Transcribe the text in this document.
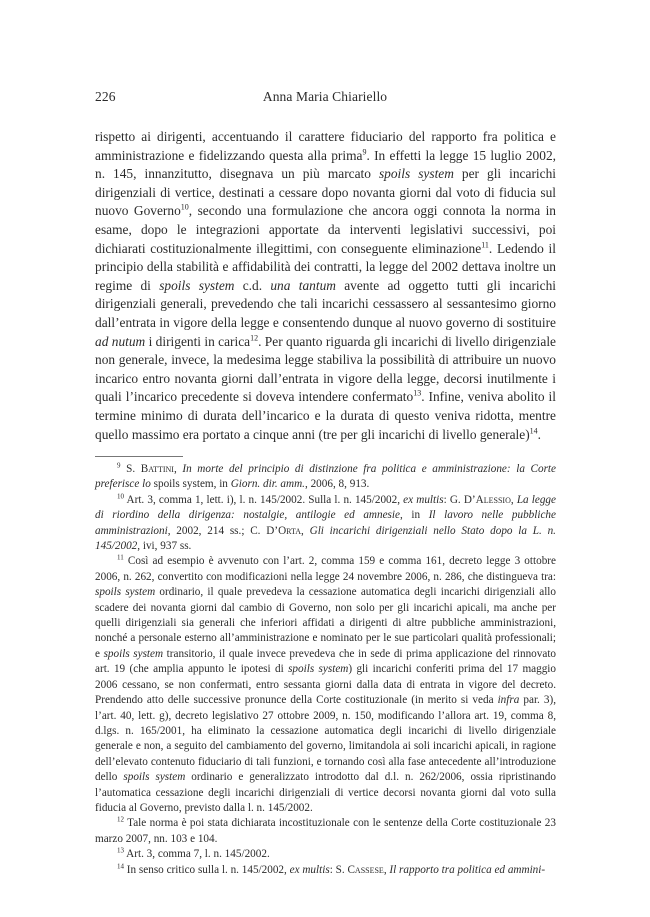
226	Anna Maria Chiariello

rispetto ai dirigenti, accentuando il carattere fiduciario del rapporto fra politica e amministrazione e fidelizzando questa alla prima$^9$. In effetti la legge 15 luglio 2002, n. 145, innanzitutto, disegnava un più marcato spoils system per gli incarichi dirigenziali di vertice, destinati a cessare dopo novanta giorni dal voto di fiducia sul nuovo Governo$^{10}$, secondo una formulazione che ancora oggi connota la norma in esame, dopo le integrazioni apportate da interventi legislativi successivi, poi dichiarati costituzionalmente illegittimi, con conseguente eliminazione$^{11}$. Ledendo il principio della stabilità e affidabilità dei contratti, la legge del 2002 dettava inoltre un regime di spoils system c.d. una tantum avente ad oggetto tutti gli incarichi dirigenziali generali, prevedendo che tali incarichi cessassero al sessantesimo giorno dall’entrata in vigore della legge e consentendo dunque al nuovo governo di sostituire ad nutum i dirigenti in carica$^{12}$. Per quanto riguarda gli incarichi di livello dirigenziale non generale, invece, la medesima legge stabiliva la possibilità di attribuire un nuovo incarico entro novanta giorni dall’entrata in vigore della legge, decorsi inutilmente i quali l’incarico precedente si doveva intendere confermato$^{13}$. Infine, veniva abolito il termine minimo di durata dell’incarico e la durata di questo veniva ridotta, mentre quello massimo era portato a cinque anni (tre per gli incarichi di livello generale)$^{14}$.

$^9$ S. Battini, In morte del principio di distinzione fra politica e amministrazione: la Corte preferisce lo spoils system, in Giorn. dir. amm., 2006, 8, 913.

$^{10}$ Art. 3, comma 1, lett. i), l. n. 145/2002. Sulla l. n. 145/2002, ex multis: G. D’Alessio, La legge di riordino della dirigenza: nostalgie, antilogie ed amnesie, in Il lavoro nelle pubbliche amministrazioni, 2002, 214 ss.; C. D’Orta, Gli incarichi dirigenziali nello Stato dopo la L. n. 145/2002, ivi, 937 ss.

$^{11}$ Così ad esempio è avvenuto con l’art. 2, comma 159 e comma 161, decreto legge 3 ottobre 2006, n. 262, convertito con modificazioni nella legge 24 novembre 2006, n. 286, che distingueva tra: spoils system ordinario, il quale prevedeva la cessazione automatica degli incarichi dirigenziali allo scadere dei novanta giorni dal cambio di Governo, non solo per gli incarichi apicali, ma anche per quelli dirigenziali sia generali che inferiori affidati a dirigenti di altre pubbliche amministrazioni, nonché a personale esterno all’amministrazione e nominato per le sue particolari qualità professionali; e spoils system transitorio, il quale invece prevedeva che in sede di prima applicazione del rinnovato art. 19 (che amplia appunto le ipotesi di spoils system) gli incarichi conferiti prima del 17 maggio 2006 cessano, se non confermati, entro sessanta giorni dalla data di entrata in vigore del decreto. Prendendo atto delle successive pronunce della Corte costituzionale (in merito si veda infra par. 3), l’art. 40, lett. g), decreto legislativo 27 ottobre 2009, n. 150, modificando l’allora art. 19, comma 8, d.lgs. n. 165/2001, ha eliminato la cessazione automatica degli incarichi di livello dirigenziale generale e non, a seguito del cambiamento del governo, limitandola ai soli incarichi apicali, in ragione dell’elevato contenuto fiduciario di tali funzioni, e tornando così alla fase antecedente all’introduzione dello spoils system ordinario e generalizzato introdotto dal d.l. n. 262/2006, ossia ripristinando l’automatica cessazione degli incarichi dirigenziali di vertice decorsi novanta giorni dal voto sulla fiducia al Governo, previsto dalla l. n. 145/2002.

$^{12}$ Tale norma è poi stata dichiarata incostituzionale con le sentenze della Corte costituzionale 23 marzo 2007, nn. 103 e 104.

$^{13}$ Art. 3, comma 7, l. n. 145/2002.

$^{14}$ In senso critico sulla l. n. 145/2002, ex multis: S. Cassese, Il rapporto tra politica ed ammini-
